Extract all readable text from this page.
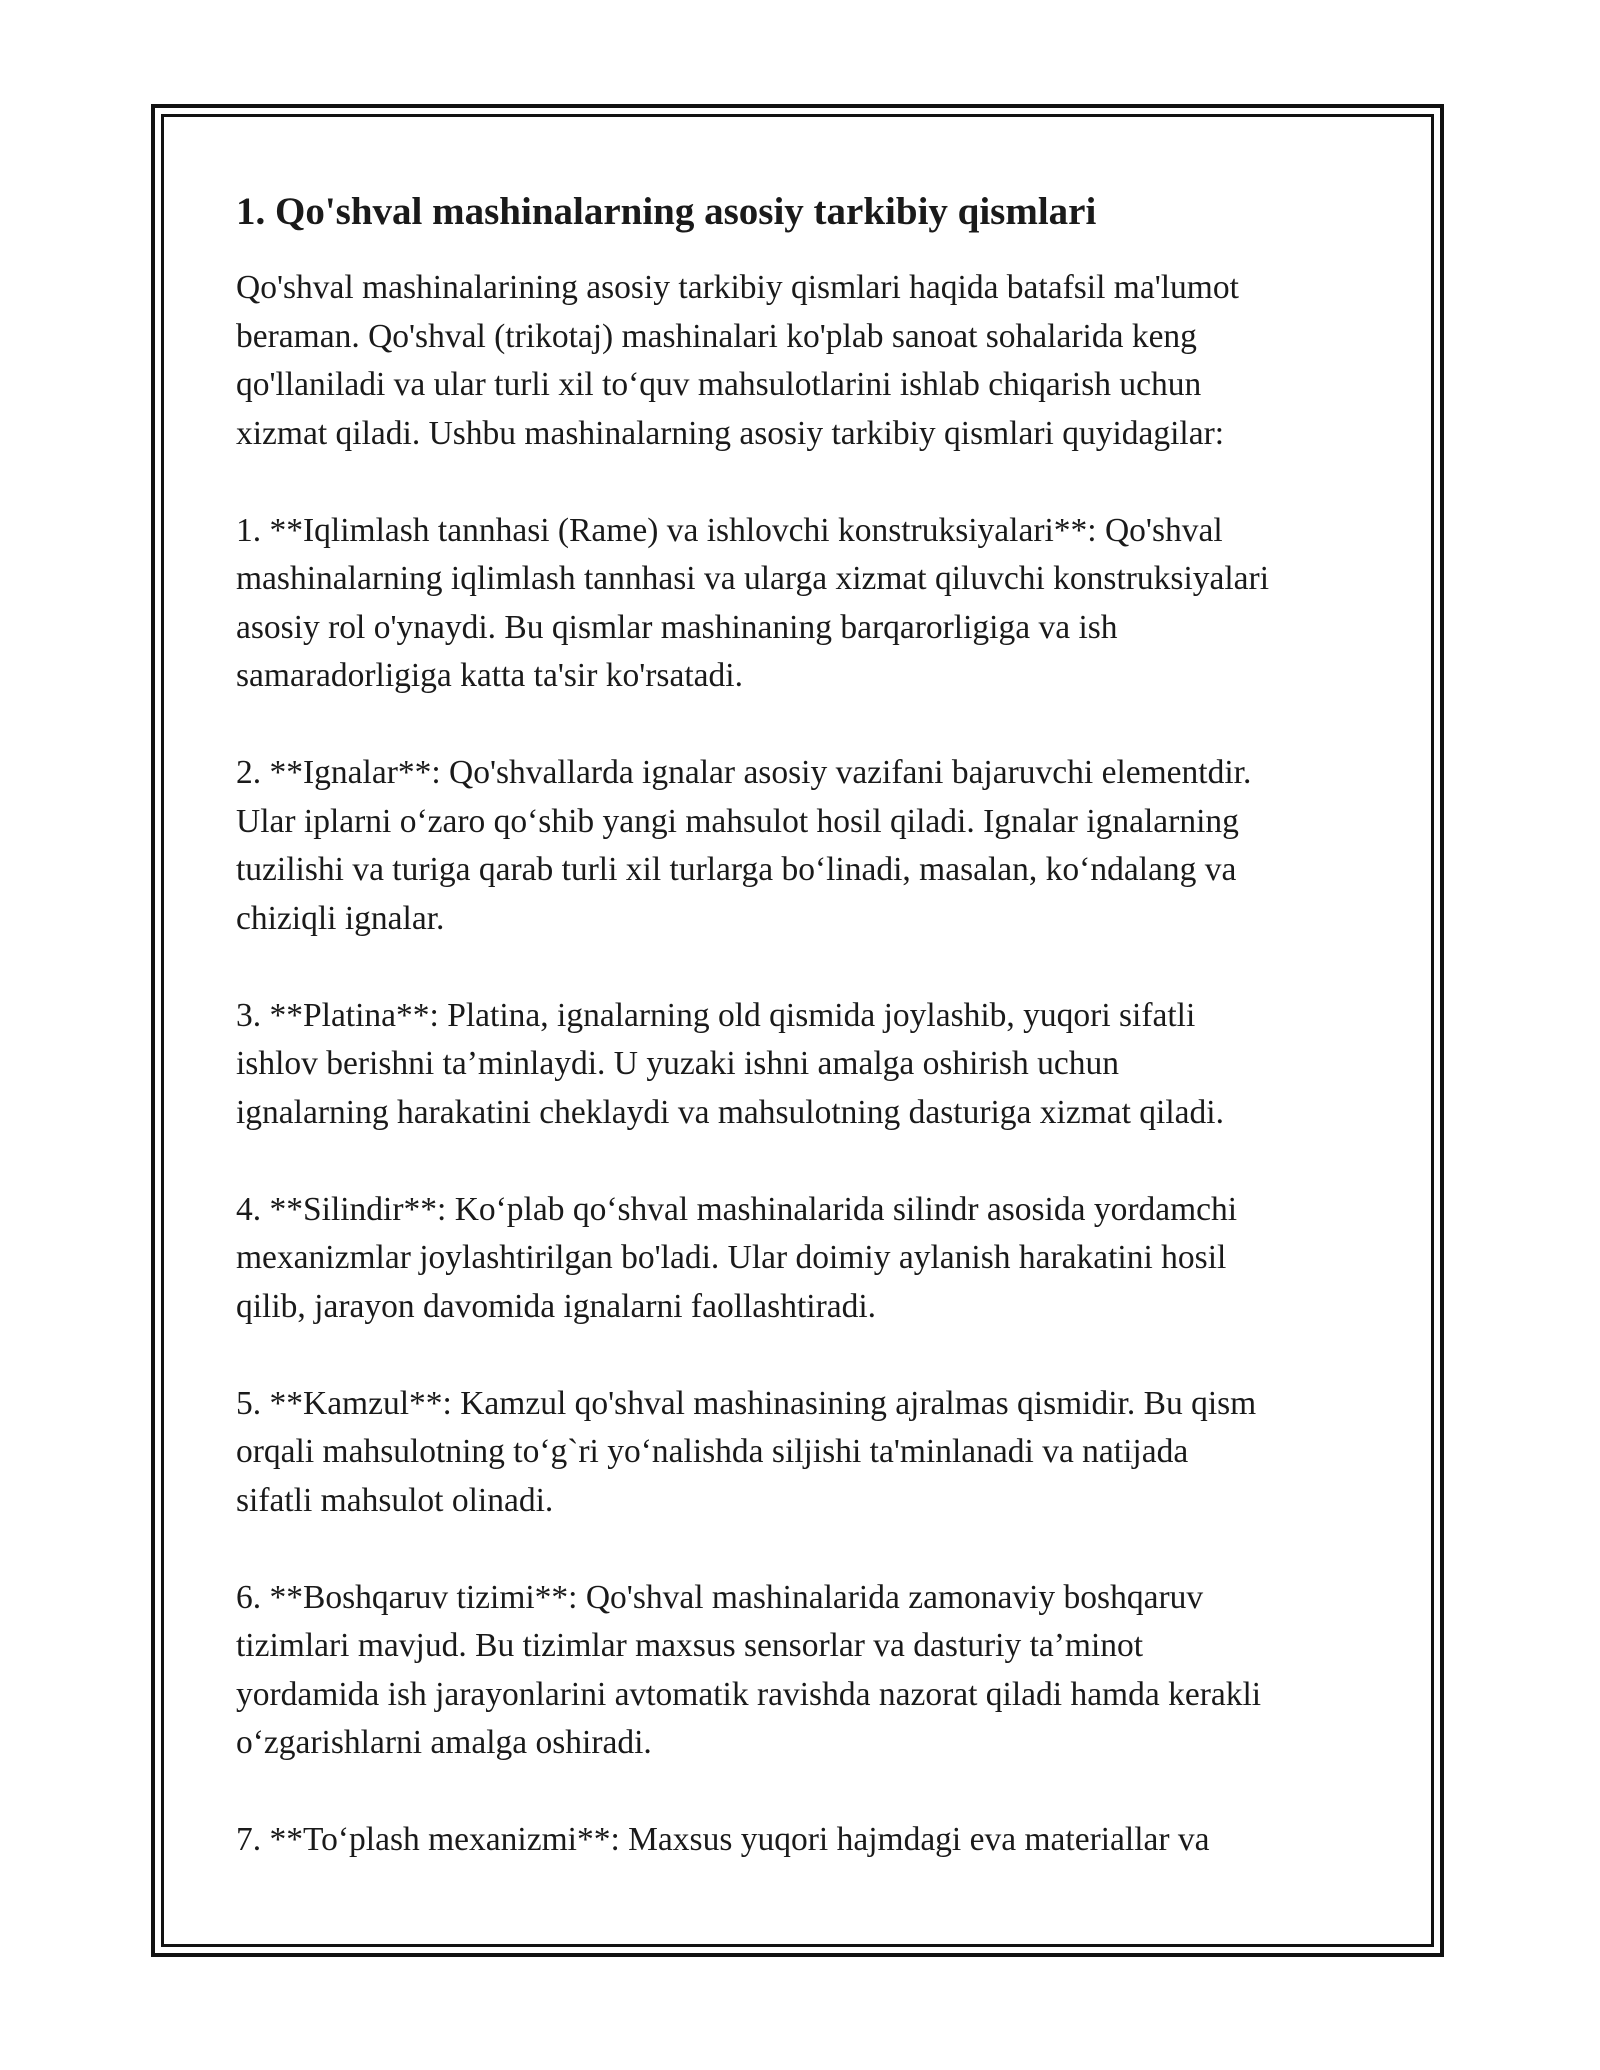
1. Qo'shval mashinalarning asosiy tarkibiy qismlari

Qo'shval mashinalarining asosiy tarkibiy qismlari haqida batafsil ma'lumot
beraman. Qo'shval (trikotaj) mashinalari ko'plab sanoat sohalarida keng
qo'llaniladi va ular turli xil to‘quv mahsulotlarini ishlab chiqarish uchun
xizmat qiladi. Ushbu mashinalarning asosiy tarkibiy qismlari quyidagilar:

1. **Iqlimlash tannhasi (Rame) va ishlovchi konstruksiyalari**: Qo'shval
mashinalarning iqlimlash tannhasi va ularga xizmat qiluvchi konstruksiyalari
asosiy rol o'ynaydi. Bu qismlar mashinaning barqarorligiga va ish
samaradorligiga katta ta'sir ko'rsatadi.

2. **Ignalar**: Qo'shvallarda ignalar asosiy vazifani bajaruvchi elementdir.
Ular iplarni o‘zaro qo‘shib yangi mahsulot hosil qiladi. Ignalar ignalarning
tuzilishi va turiga qarab turli xil turlarga bo‘linadi, masalan, ko‘ndalang va
chiziqli ignalar.

3. **Platina**: Platina, ignalarning old qismida joylashib, yuqori sifatli
ishlov berishni ta’minlaydi. U yuzaki ishni amalga oshirish uchun
ignalarning harakatini cheklaydi va mahsulotning dasturiga xizmat qiladi.

4. **Silindir**: Ko‘plab qo‘shval mashinalarida silindr asosida yordamchi
mexanizmlar joylashtirilgan bo'ladi. Ular doimiy aylanish harakatini hosil
qilib, jarayon davomida ignalarni faollashtiradi.

5. **Kamzul**: Kamzul qo'shval mashinasining ajralmas qismidir. Bu qism
orqali mahsulotning to‘g`ri yo‘nalishda siljishi ta'minlanadi va natijada
sifatli mahsulot olinadi.

6. **Boshqaruv tizimi**: Qo'shval mashinalarida zamonaviy boshqaruv
tizimlari mavjud. Bu tizimlar maxsus sensorlar va dasturiy ta’minot
yordamida ish jarayonlarini avtomatik ravishda nazorat qiladi hamda kerakli
o‘zgarishlarni amalga oshiradi.

7. **To‘plash mexanizmi**: Maxsus yuqori hajmdagi eva materiallar va
